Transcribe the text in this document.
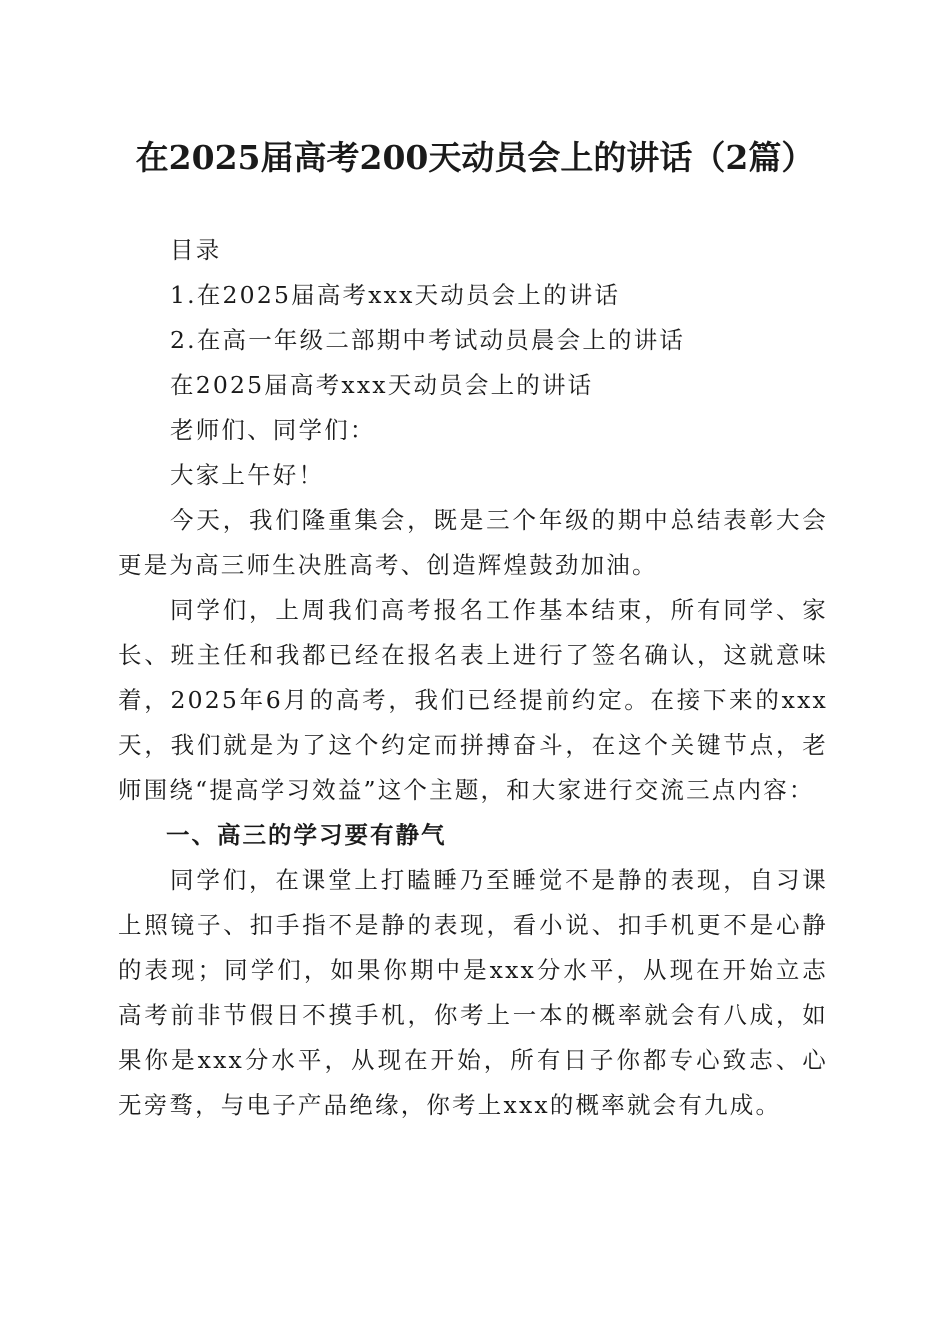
在2025届高考200天动员会上的讲话（2篇）

目录

1.在2025届高考xxx天动员会上的讲话

2.在高一年级二部期中考试动员晨会上的讲话

在2025届高考xxx天动员会上的讲话

老师们、同学们：

大家上午好！

今天，我们隆重集会，既是三个年级的期中总结表彰大会更是为高三师生决胜高考、创造辉煌鼓劲加油。

同学们，上周我们高考报名工作基本结束，所有同学、家长、班主任和我都已经在报名表上进行了签名确认，这就意味着，2025年6月的高考，我们已经提前约定。在接下来的xxx天，我们就是为了这个约定而拼搏奋斗，在这个关键节点，老师围绕“提高学习效益”这个主题，和大家进行交流三点内容：

一、高三的学习要有静气

同学们，在课堂上打瞌睡乃至睡觉不是静的表现，自习课上照镜子、扣手指不是静的表现，看小说、扣手机更不是心静的表现；同学们，如果你期中是xxx分水平，从现在开始立志高考前非节假日不摸手机，你考上一本的概率就会有八成，如果你是xxx分水平，从现在开始，所有日子你都专心致志、心无旁骛，与电子产品绝缘，你考上xxx的概率就会有九成。
